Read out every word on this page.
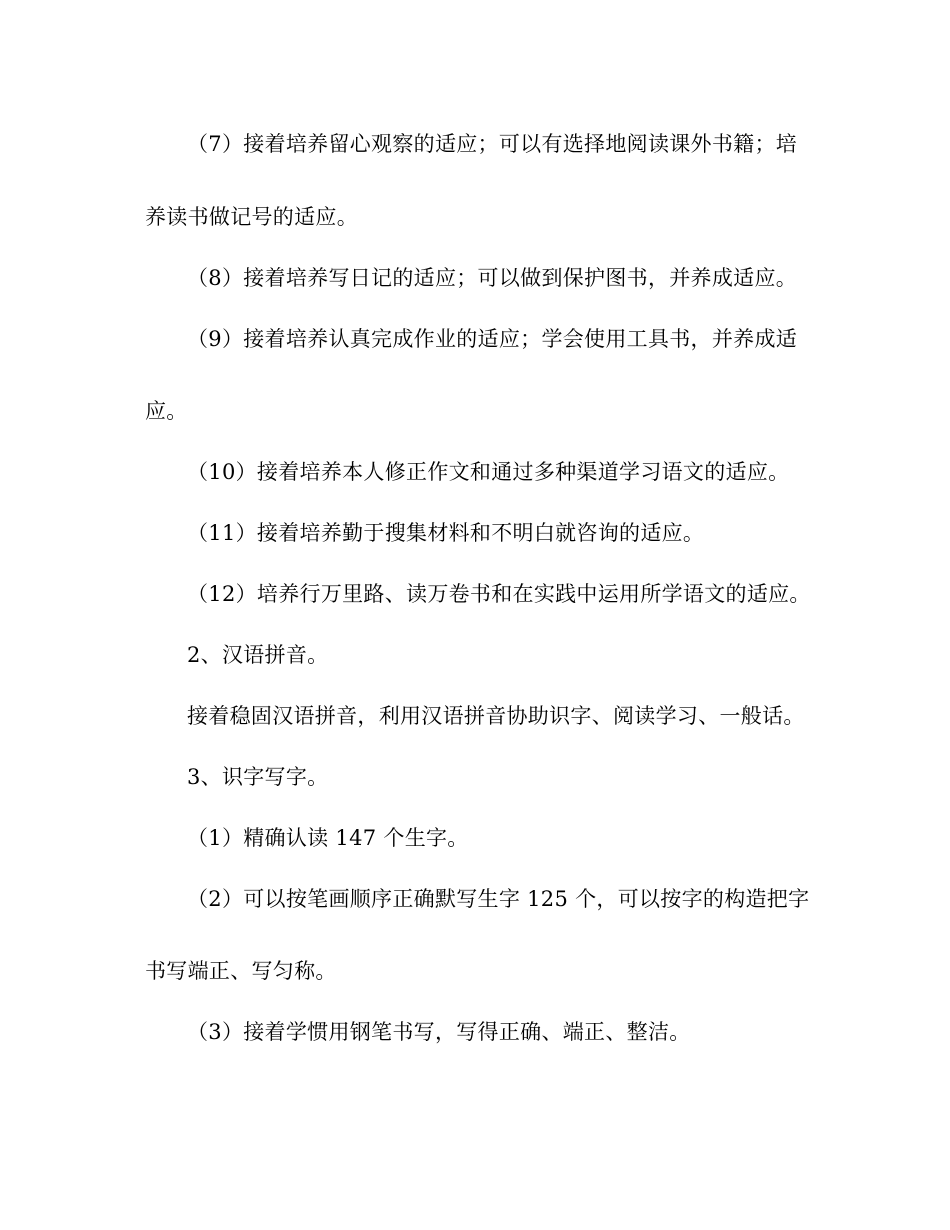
（7）接着培养留心观察的适应；可以有选择地阅读课外书籍；培
养读书做记号的适应。
（8）接着培养写日记的适应；可以做到保护图书，并养成适应。
（9）接着培养认真完成作业的适应；学会使用工具书，并养成适
应。
（10）接着培养本人修正作文和通过多种渠道学习语文的适应。
（11）接着培养勤于搜集材料和不明白就咨询的适应。
（12）培养行万里路、读万卷书和在实践中运用所学语文的适应。
2、汉语拼音。
接着稳固汉语拼音，利用汉语拼音协助识字、阅读学习、一般话。
3、识字写字。
（1）精确认读 147 个生字。
（2）可以按笔画顺序正确默写生字 125 个，可以按字的构造把字
书写端正、写匀称。
（3）接着学惯用钢笔书写，写得正确、端正、整洁。
